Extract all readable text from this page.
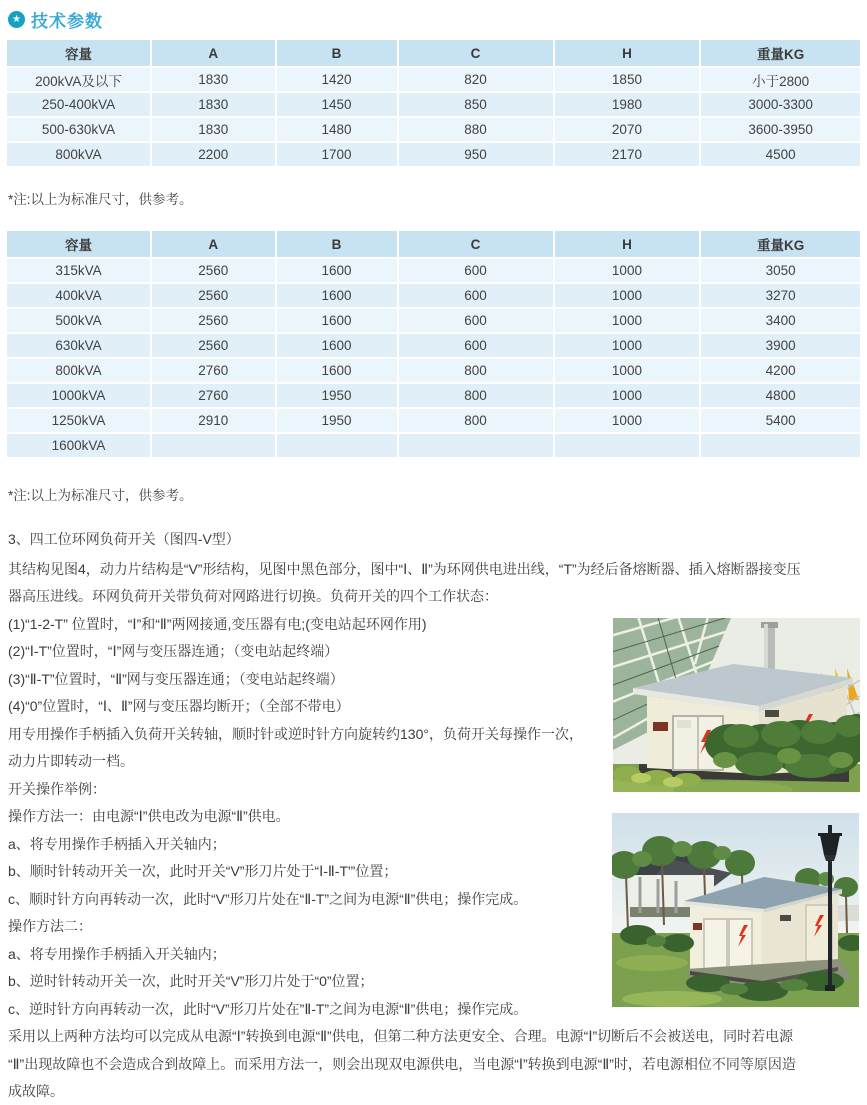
★ 技术参数
容量	A	B	C	H	重量KG
200kVA及以下	1830	1420	820	1850	小于2800
250-400kVA	1830	1450	850	1980	3000-3300
500-630kVA	1830	1480	880	2070	3600-3950
800kVA	2200	1700	950	2170	4500
*注:以上为标准尺寸，供参考。
容量	A	B	C	H	重量KG
315kVA	2560	1600	600	1000	3050
400kVA	2560	1600	600	1000	3270
500kVA	2560	1600	600	1000	3400
630kVA	2560	1600	600	1000	3900
800kVA	2760	1600	800	1000	4200
1000kVA	2760	1950	800	1000	4800
1250kVA	2910	1950	800	1000	5400
1600kVA					
*注:以上为标准尺寸，供参考。
3、四工位环网负荷开关（图四-V型）
其结构见图4，动力片结构是“V”形结构，见图中黑色部分，图中“Ⅰ、Ⅱ”为环网供电进出线，“T”为经后备熔断器、插入熔断器接变压
器高压进线。环网负荷开关带负荷对网路进行切换。负荷开关的四个工作状态：
(1)“1-2-T” 位置时，“Ⅰ”和“Ⅱ”两网接通,变压器有电;(变电站起环网作用)
(2)“Ⅰ-T”位置时，“Ⅰ”网与变压器连通；（变电站起终端）
(3)“Ⅱ-T”位置时，“Ⅱ”网与变压器连通；（变电站起终端）
(4)“0”位置时，“Ⅰ、Ⅱ”网与变压器均断开；（全部不带电）
用专用操作手柄插入负荷开关转轴，顺时针或逆时针方向旋转约130°，负荷开关每操作一次，
动力片即转动一档。
开关操作举例：
操作方法一：由电源“Ⅰ”供电改为电源“Ⅱ”供电。
a、将专用操作手柄插入开关轴内；
b、顺时针转动开关一次，此时开关“V”形刀片处于“Ⅰ-Ⅱ-T'”位置；
c、顺时针方向再转动一次，此时“V”形刀片处在“Ⅱ-T”之间为电源“Ⅱ”供电；操作完成。
操作方法二：
a、将专用操作手柄插入开关轴内；
b、逆时针转动开关一次，此时开关“V”形刀片处于“0”位置；
c、逆时针方向再转动一次，此时“V”形刀片处在”Ⅱ-T”之间为电源“Ⅱ”供电；操作完成。
采用以上两种方法均可以完成从电源“Ⅰ”转换到电源“Ⅱ”供电，但第二种方法更安全、合理。电源“Ⅰ”切断后不会被送电，同时若电源
“Ⅱ”出现故障也不会造成合到故障上。而采用方法一，则会出现双电源供电，当电源“Ⅰ”转换到电源“Ⅱ”时，若电源相位不同等原因造
成故障。
